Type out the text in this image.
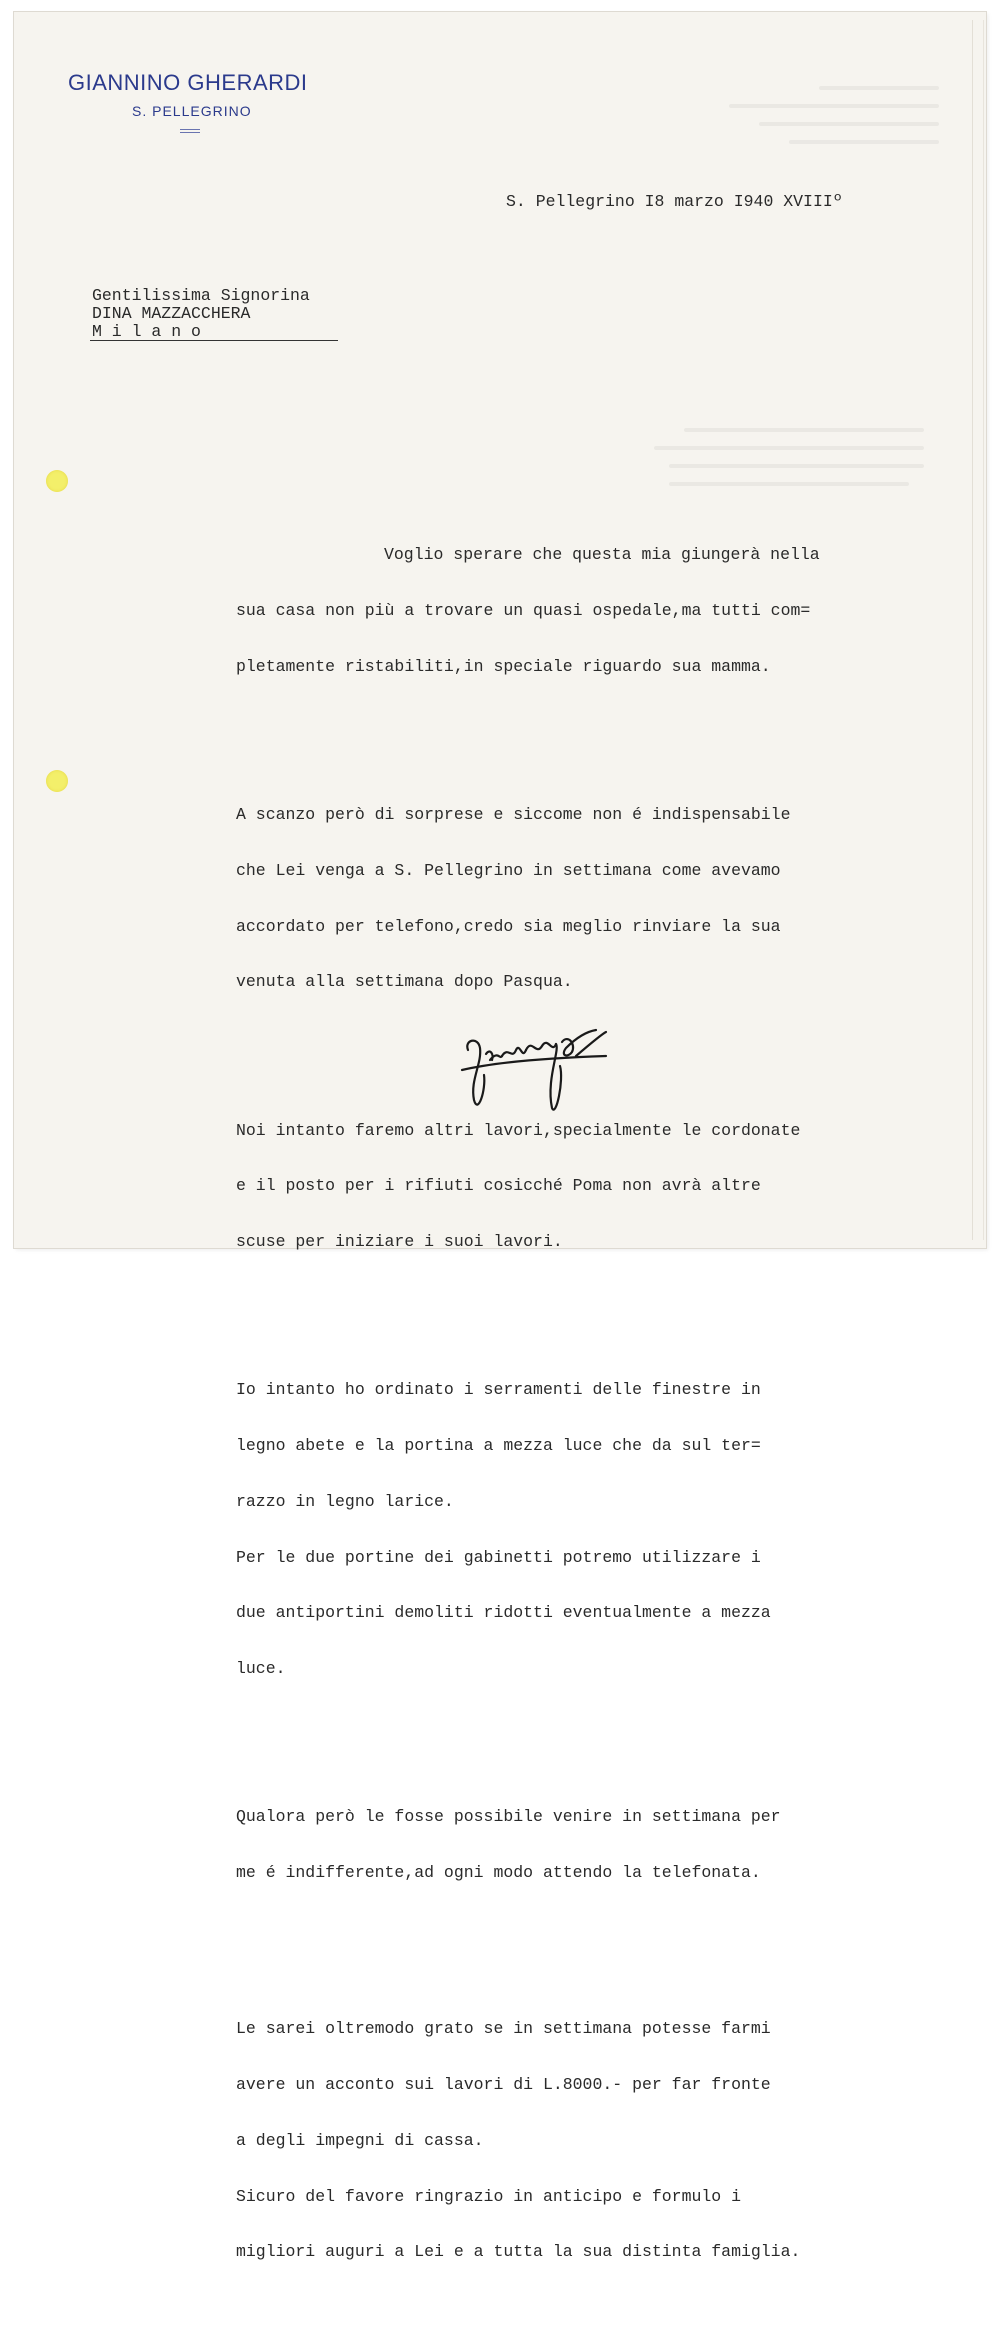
GIANNINO GHERARDI
S. PELLEGRINO
S. Pellegrino I8 marzo I940 XVIIIº
Gentilissima Signorina
DINA MAZZACCHERA
M i l a n o

Voglio sperare che questa mia giungerà nella

sua casa non più a trovare un quasi ospedale,ma tutti com=

pletamente ristabiliti,in speciale riguardo sua mamma.

A scanzo però di sorprese e siccome non é indispensabile

che Lei venga a S. Pellegrino in settimana come avevamo

accordato per telefono,credo sia meglio rinviare la sua

venuta alla settimana dopo Pasqua.

Noi intanto faremo altri lavori,specialmente le cordonate

e il posto per i rifiuti cosicché Poma non avrà altre

scuse per iniziare i suoi lavori.

Io intanto ho ordinato i serramenti delle finestre in

legno abete e la portina a mezza luce che da sul ter=

razzo in legno larice.

Per le due portine dei gabinetti potremo utilizzare i

due antiportini demoliti ridotti eventualmente a mezza

luce.

Qualora però le fosse possibile venire in settimana per

me é indifferente,ad ogni modo attendo la telefonata.

Le sarei oltremodo grato se in settimana potesse farmi

avere un acconto sui lavori di L.8000.- per far fronte

a degli impegni di cassa.

Sicuro del favore ringrazio in anticipo e formulo i

migliori auguri a Lei e a tutta la sua distinta famiglia.
